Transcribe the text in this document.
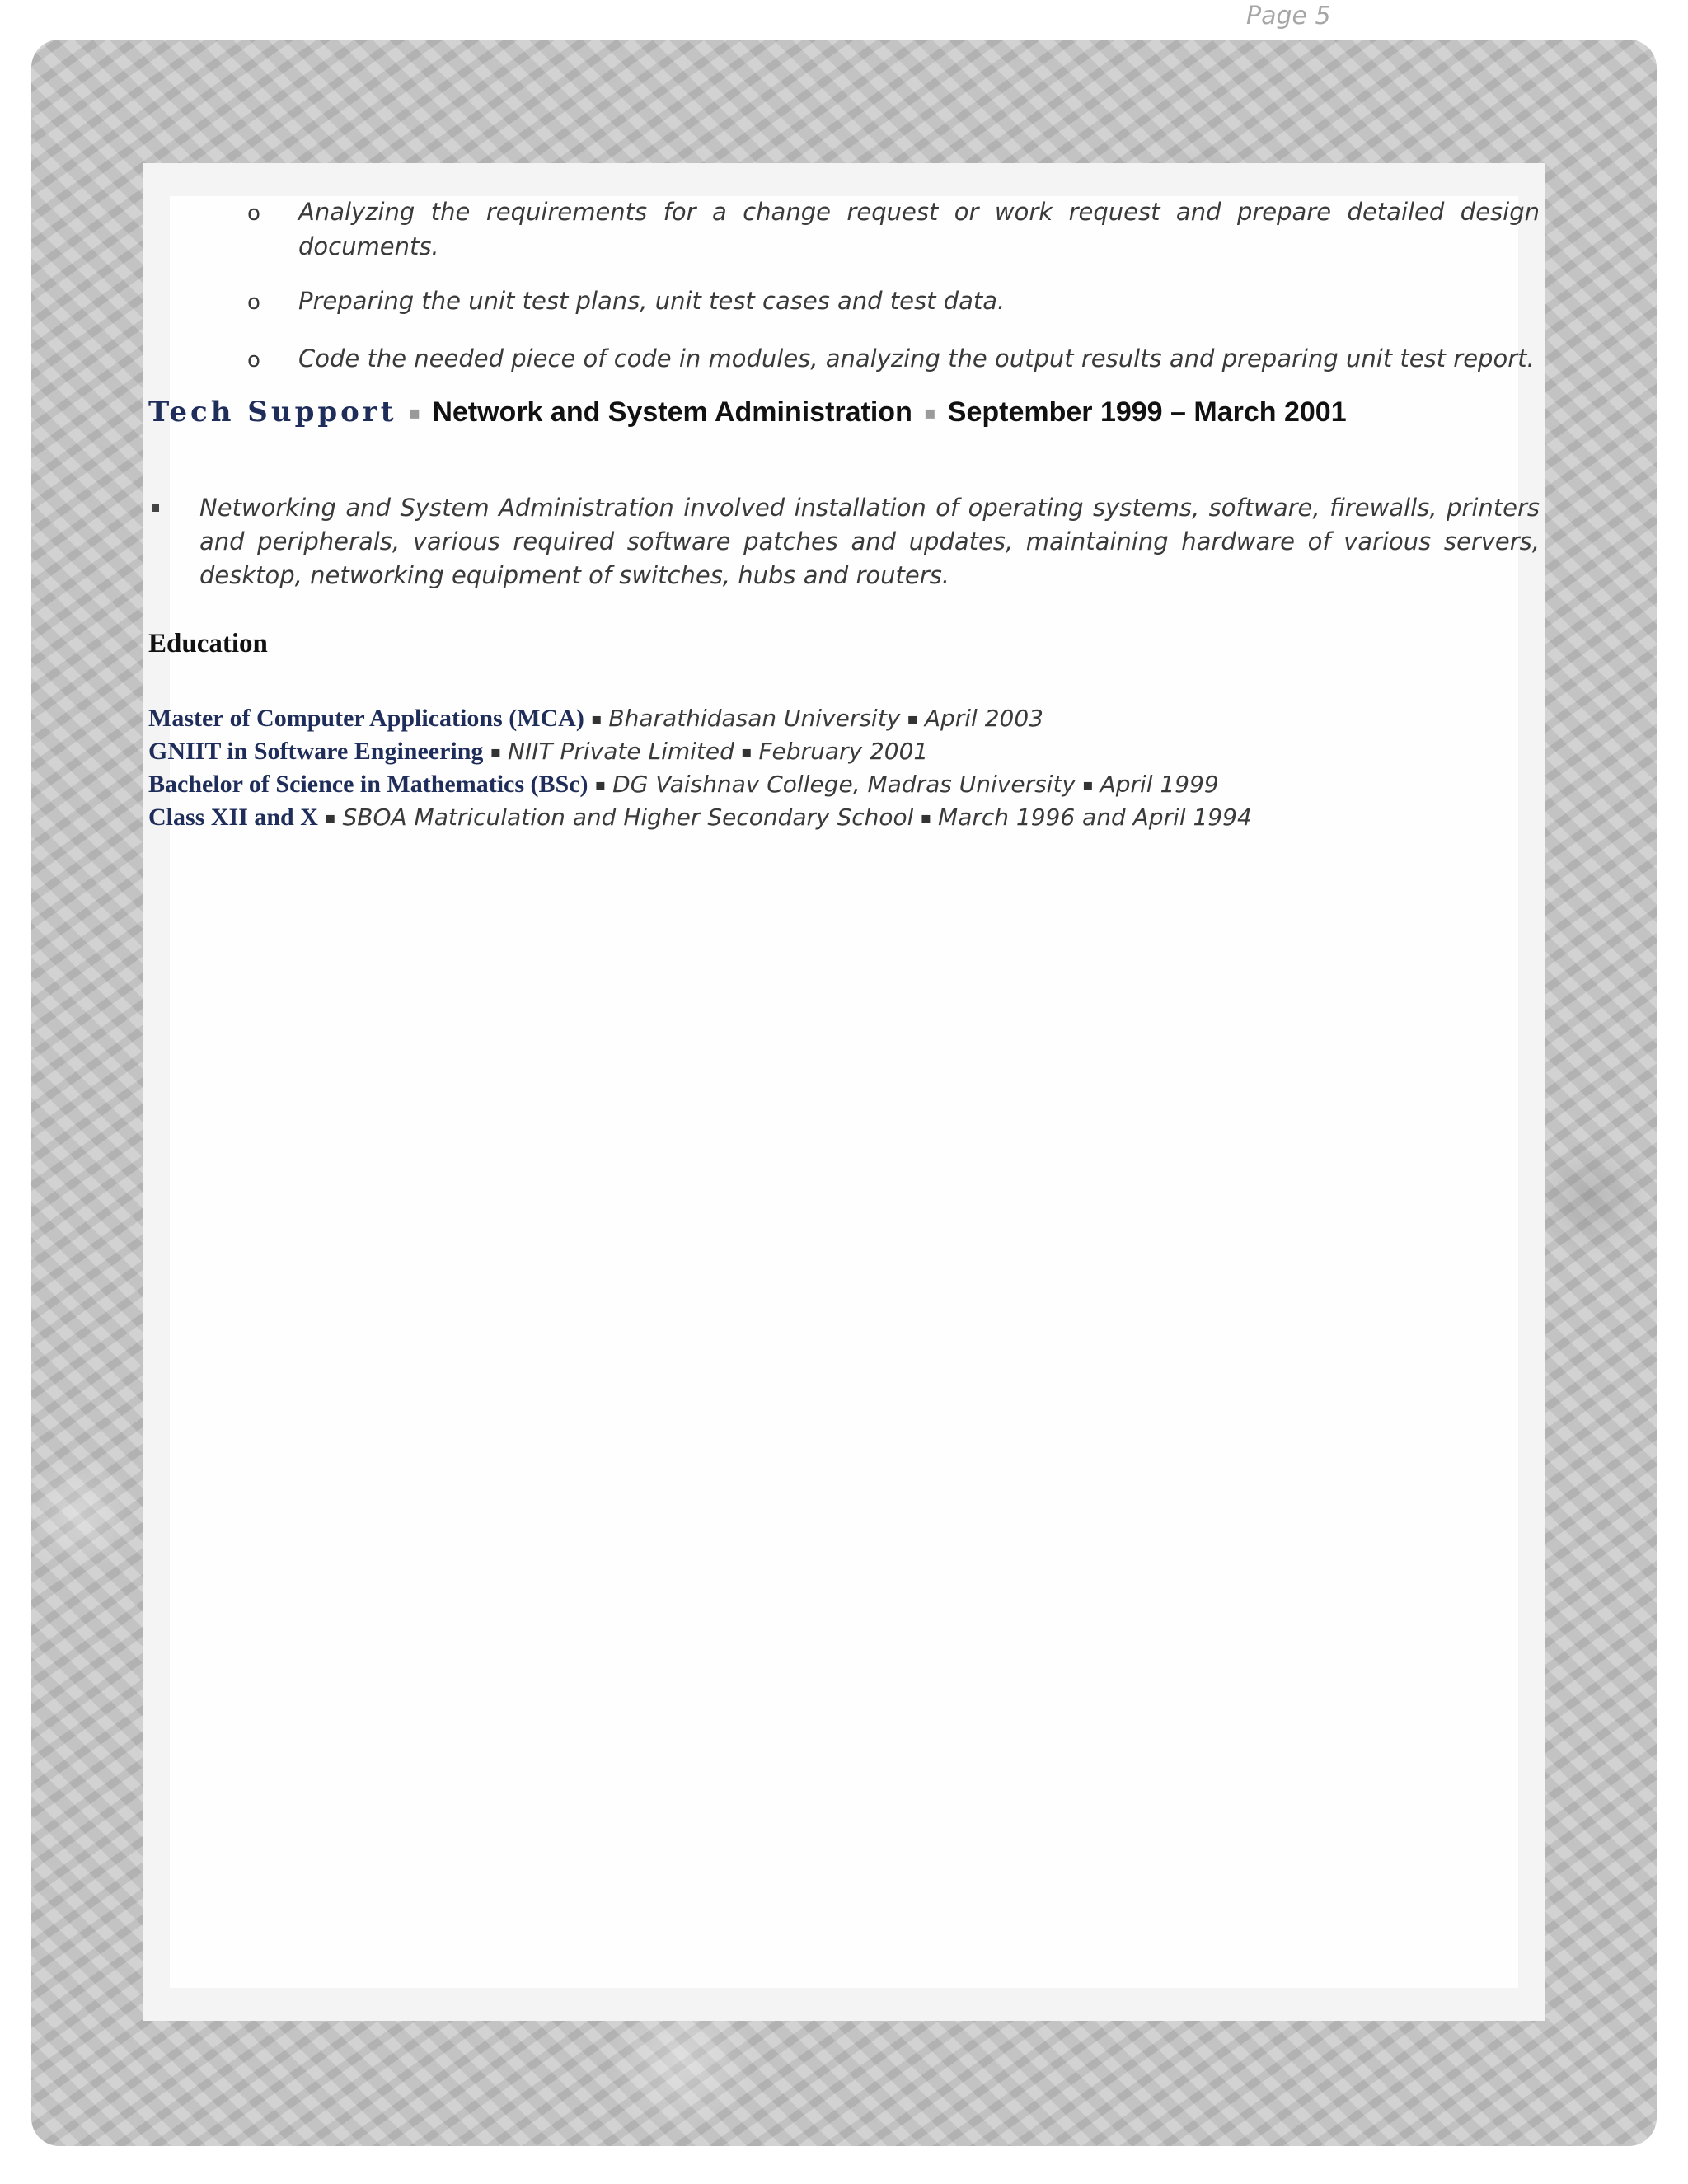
Page 5
o Analyzing the requirements for a change request or work request and prepare detailed design documents.
o Preparing the unit test plans, unit test cases and test data.
o Code the needed piece of code in modules, analyzing the output results and preparing unit test report.
Tech Support ▪ Network and System Administration ▪ September 1999 – March 2001
Networking and System Administration involved installation of operating systems, software, firewalls, printers and peripherals, various required software patches and updates, maintaining hardware of various servers, desktop, networking equipment of switches, hubs and routers.
Education
Master of Computer Applications (MCA) ▪ Bharathidasan University ▪ April 2003
GNIIT in Software Engineering ▪ NIIT Private Limited ▪ February 2001
Bachelor of Science in Mathematics (BSc) ▪ DG Vaishnav College, Madras University ▪ April 1999
Class XII and X ▪ SBOA Matriculation and Higher Secondary School ▪ March 1996 and April 1994
